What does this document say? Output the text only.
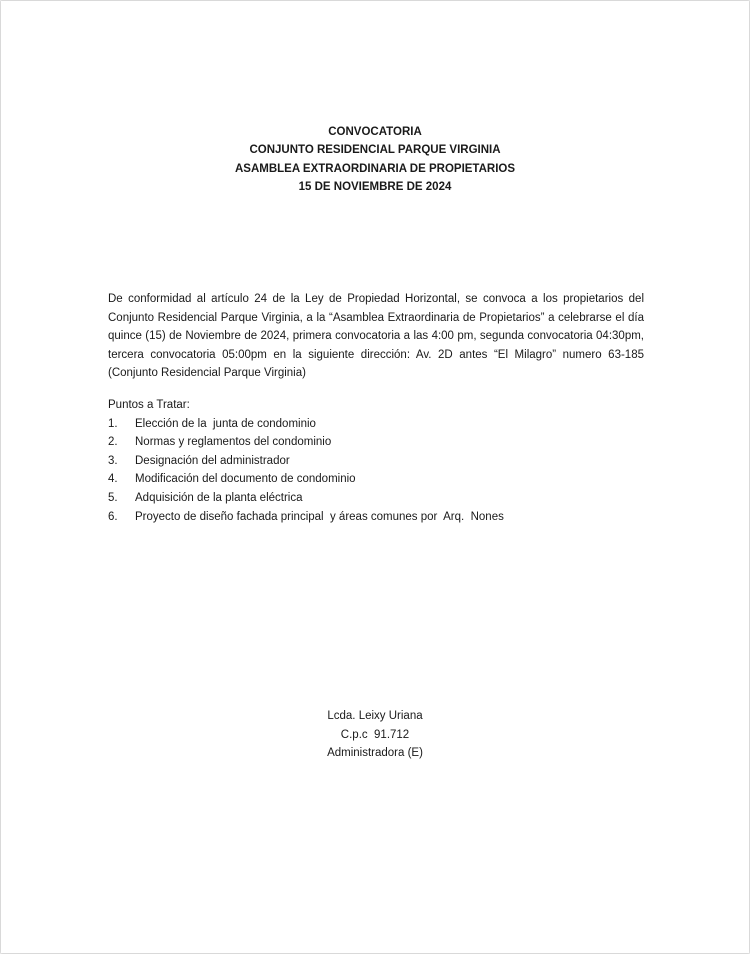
CONVOCATORIA
CONJUNTO RESIDENCIAL PARQUE VIRGINIA
ASAMBLEA EXTRAORDINARIA DE PROPIETARIOS
15 DE NOVIEMBRE DE 2024
De conformidad al artículo 24 de la Ley de Propiedad Horizontal, se convoca a los propietarios del Conjunto Residencial Parque Virginia, a la “Asamblea Extraordinaria de Propietarios” a celebrarse el día quince (15) de Noviembre de 2024, primera convocatoria a las 4:00 pm, segunda convocatoria 04:30pm, tercera convocatoria 05:00pm en la siguiente dirección: Av. 2D antes “El Milagro” numero 63-185 (Conjunto Residencial Parque Virginia)
Puntos a Tratar:
1. Elección de la  junta de condominio
2. Normas y reglamentos del condominio
3. Designación del administrador
4. Modificación del documento de condominio
5. Adquisición de la planta eléctrica
6. Proyecto de diseño fachada principal  y áreas comunes por  Arq.  Nones
Lcda. Leixy Uriana
C.p.c  91.712
Administradora (E)
